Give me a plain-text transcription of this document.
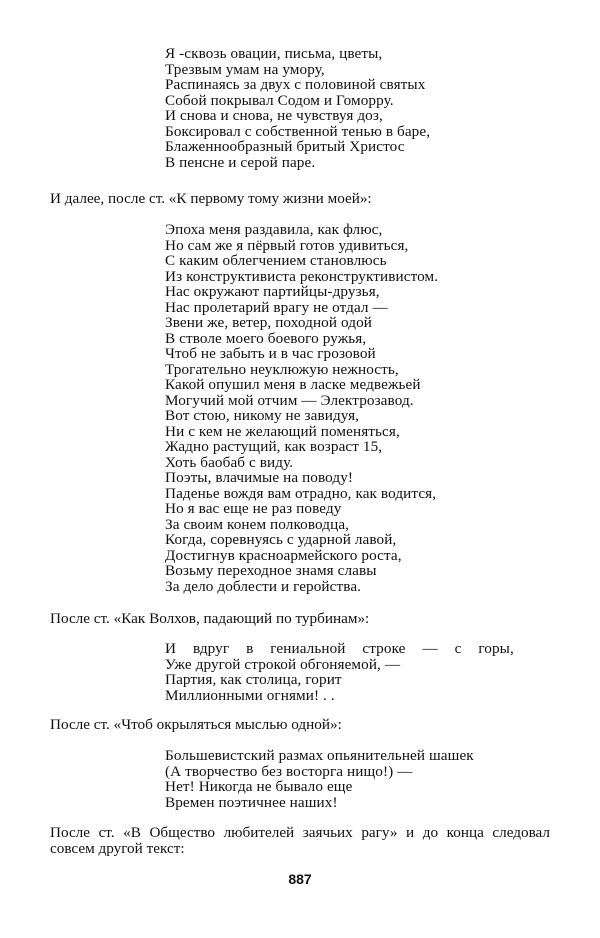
Я -сквозь овации, письма, цветы,
Трезвым умам на умору,
Распинаясь за двух с половиной святых
Собой покрывал Содом и Гоморру.
И снова и снова, не чувствуя доз,
Боксировал с собственной тенью в баре,
Блаженнообразный бритый Христос
В пенсне и серой паре.

И далее, после ст. «К первому тому жизни моей»:

Эпоха меня раздавила, как флюс,
Но сам же я пёрвый готов удивиться,
С каким облегчением становлюсь
Из конструктивиста реконструктивистом.
Нас окружают партийцы-друзья,
Нас пролетарий врагу не отдал —
Звени же, ветер, походной одой
В стволе моего боевого ружья,
Чтоб не забыть и в час грозовой
Трогательно неуклюжую нежность,
Какой опушил меня в ласке медвежьей
Могучий мой отчим — Электрозавод.
Вот стою, никому не завидуя,
Ни с кем не желающий поменяться,
Жадно растущий, как возраст 15,
Хоть баобаб с виду.
Поэты, влачимые на поводу!
Паденье вождя вам отрадно, как водится,
Но я вас еще не раз поведу
За своим конем полководца,
Когда, соревнуясь с ударной лавой,
Достигнув красноармейского роста,
Возьму переходное знамя славы
За дело доблести и геройства.

После ст. «Как Волхов, падающий по турбинам»:

И вдруг в гениальной строке — с горы,
Уже другой строкой обгоняемой, —
Партия, как столица, горит
Миллионными огнями! . .

После ст. «Чтоб окрыляться мыслью одной»:

Большевистский размах опьянительней шашек
(А творчество без восторга нищо!) —
Нет! Никогда не бывало еще
Времен поэтичнее наших!

После ст. «В Общество любителей заячьих рагу» и до конца следовал совсем другой текст:

887
